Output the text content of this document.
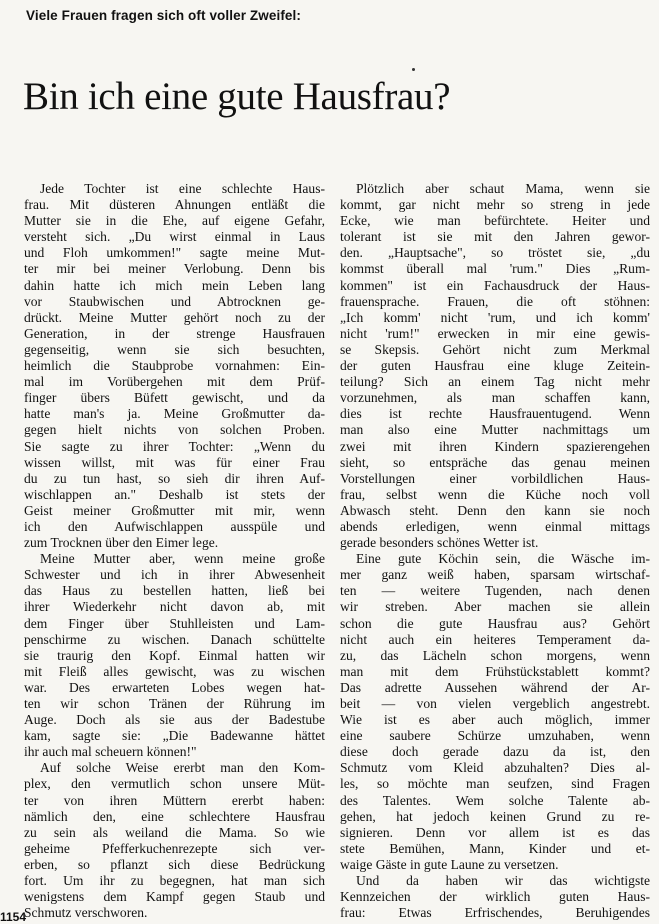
Viele Frauen fragen sich oft voller Zweifel:
Bin ich eine gute Hausfrau?

Jede Tochter ist eine schlechte Haus-

frau. Mit düsteren Ahnungen entläßt die

Mutter sie in die Ehe, auf eigene Gefahr,

versteht sich. „Du wirst einmal in Laus

und Floh umkommen!" sagte meine Mut-

ter mir bei meiner Verlobung. Denn bis

dahin hatte ich mich mein Leben lang

vor Staubwischen und Abtrocknen ge-

drückt. Meine Mutter gehört noch zu der

Generation, in der strenge Hausfrauen

gegenseitig, wenn sie sich besuchten,

heimlich die Staubprobe vornahmen: Ein-

mal im Vorübergehen mit dem Prüf-

finger übers Büfett gewischt, und da

hatte man's ja. Meine Großmutter da-

gegen hielt nichts von solchen Proben.

Sie sagte zu ihrer Tochter: „Wenn du

wissen willst, mit was für einer Frau

du zu tun hast, so sieh dir ihren Auf-

wischlappen an." Deshalb ist stets der

Geist meiner Großmutter mit mir, wenn

ich den Aufwischlappen ausspüle und

zum Trocknen über den Eimer lege.

Meine Mutter aber, wenn meine große

Schwester und ich in ihrer Abwesenheit

das Haus zu bestellen hatten, ließ bei

ihrer Wiederkehr nicht davon ab, mit

dem Finger über Stuhlleisten und Lam-

penschirme zu wischen. Danach schüttelte

sie traurig den Kopf. Einmal hatten wir

mit Fleiß alles gewischt, was zu wischen

war. Des erwarteten Lobes wegen hat-

ten wir schon Tränen der Rührung im

Auge. Doch als sie aus der Badestube

kam, sagte sie: „Die Badewanne hättet

ihr auch mal scheuern können!"

Auf solche Weise ererbt man den Kom-

plex, den vermutlich schon unsere Müt-

ter von ihren Müttern ererbt haben:

nämlich den, eine schlechtere Hausfrau

zu sein als weiland die Mama. So wie

geheime Pfefferkuchenrezepte sich ver-

erben, so pflanzt sich diese Bedrückung

fort. Um ihr zu begegnen, hat man sich

wenigstens dem Kampf gegen Staub und

Schmutz verschworen.

Plötzlich aber schaut Mama, wenn sie

kommt, gar nicht mehr so streng in jede

Ecke, wie man befürchtete. Heiter und

tolerant ist sie mit den Jahren gewor-

den. „Hauptsache", so tröstet sie, „du

kommst überall mal 'rum." Dies „Rum-

kommen" ist ein Fachausdruck der Haus-

frauensprache. Frauen, die oft stöhnen:

„Ich komm' nicht 'rum, und ich komm'

nicht 'rum!" erwecken in mir eine gewis-

se Skepsis. Gehört nicht zum Merkmal

der guten Hausfrau eine kluge Zeitein-

teilung? Sich an einem Tag nicht mehr

vorzunehmen, als man schaffen kann,

dies ist rechte Hausfrauentugend. Wenn

man also eine Mutter nachmittags um

zwei mit ihren Kindern spazierengehen

sieht, so entspräche das genau meinen

Vorstellungen einer vorbildlichen Haus-

frau, selbst wenn die Küche noch voll

Abwasch steht. Denn den kann sie noch

abends erledigen, wenn einmal mittags

gerade besonders schönes Wetter ist.

Eine gute Köchin sein, die Wäsche im-

mer ganz weiß haben, sparsam wirtschaf-

ten — weitere Tugenden, nach denen

wir streben. Aber machen sie allein

schon die gute Hausfrau aus? Gehört

nicht auch ein heiteres Temperament da-

zu, das Lächeln schon morgens, wenn

man mit dem Frühstückstablett kommt?

Das adrette Aussehen während der Ar-

beit — von vielen vergeblich angestrebt.

Wie ist es aber auch möglich, immer

eine saubere Schürze umzuhaben, wenn

diese doch gerade dazu da ist, den

Schmutz vom Kleid abzuhalten? Dies al-

les, so möchte man seufzen, sind Fragen

des Talentes. Wem solche Talente ab-

gehen, hat jedoch keinen Grund zu re-

signieren. Denn vor allem ist es das

stete Bemühen, Mann, Kinder und et-

waige Gäste in gute Laune zu versetzen.

Und da haben wir das wichtigste

Kennzeichen der wirklich guten Haus-

frau: Etwas Erfrischendes, Beruhigendes

1154
